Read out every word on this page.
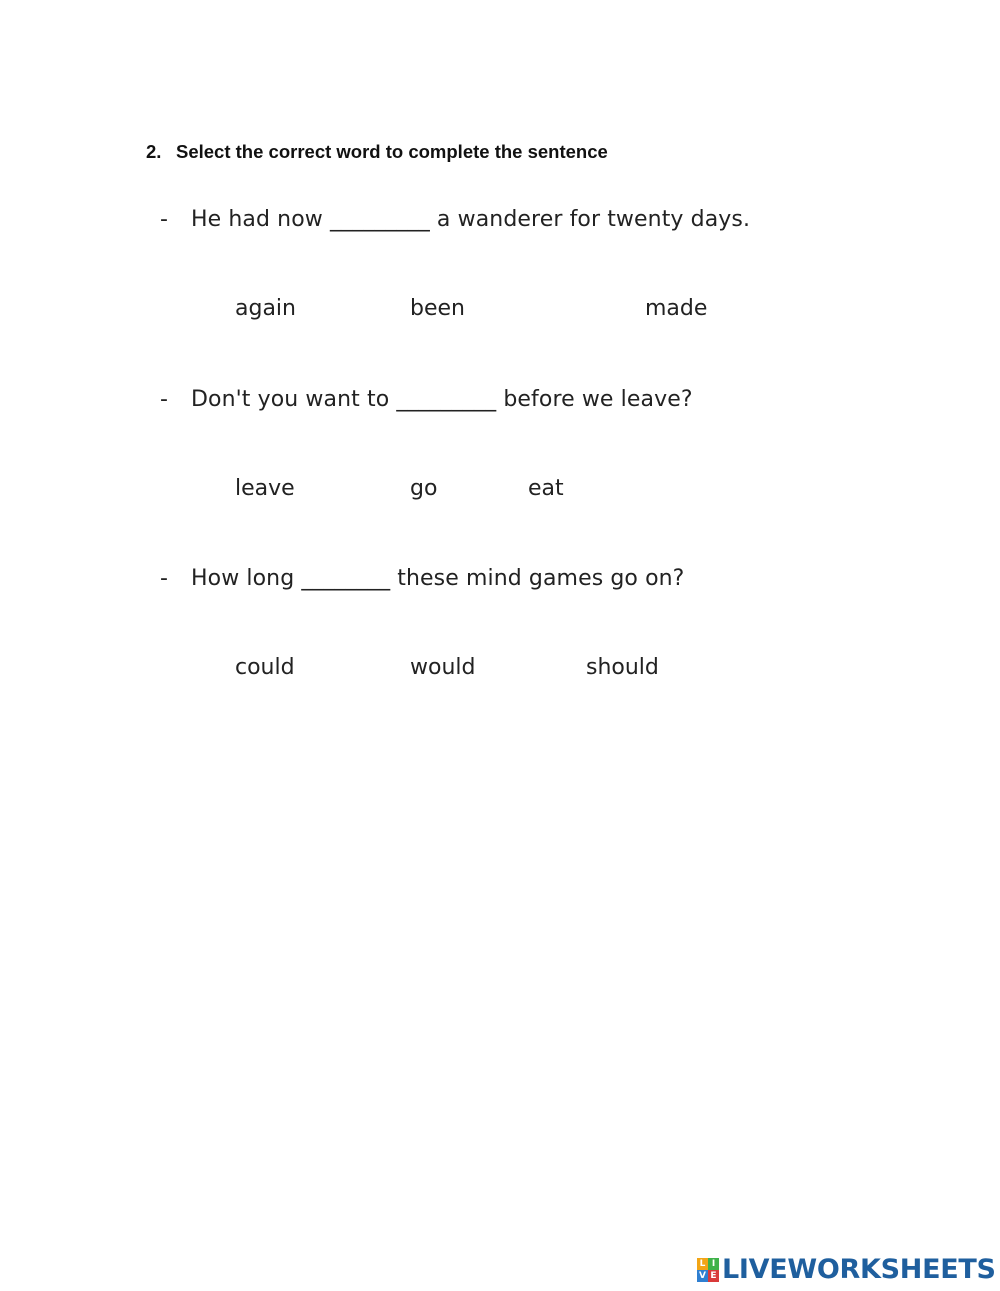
2. Select the correct word to complete the sentence
- He had now _________ a wanderer for twenty days.
again	been	made
- Don't you want to _________ before we leave?
leave	go	eat
- How long ________ these mind games go on?
could	would	should
L I
V E LIVEWORKSHEETS
